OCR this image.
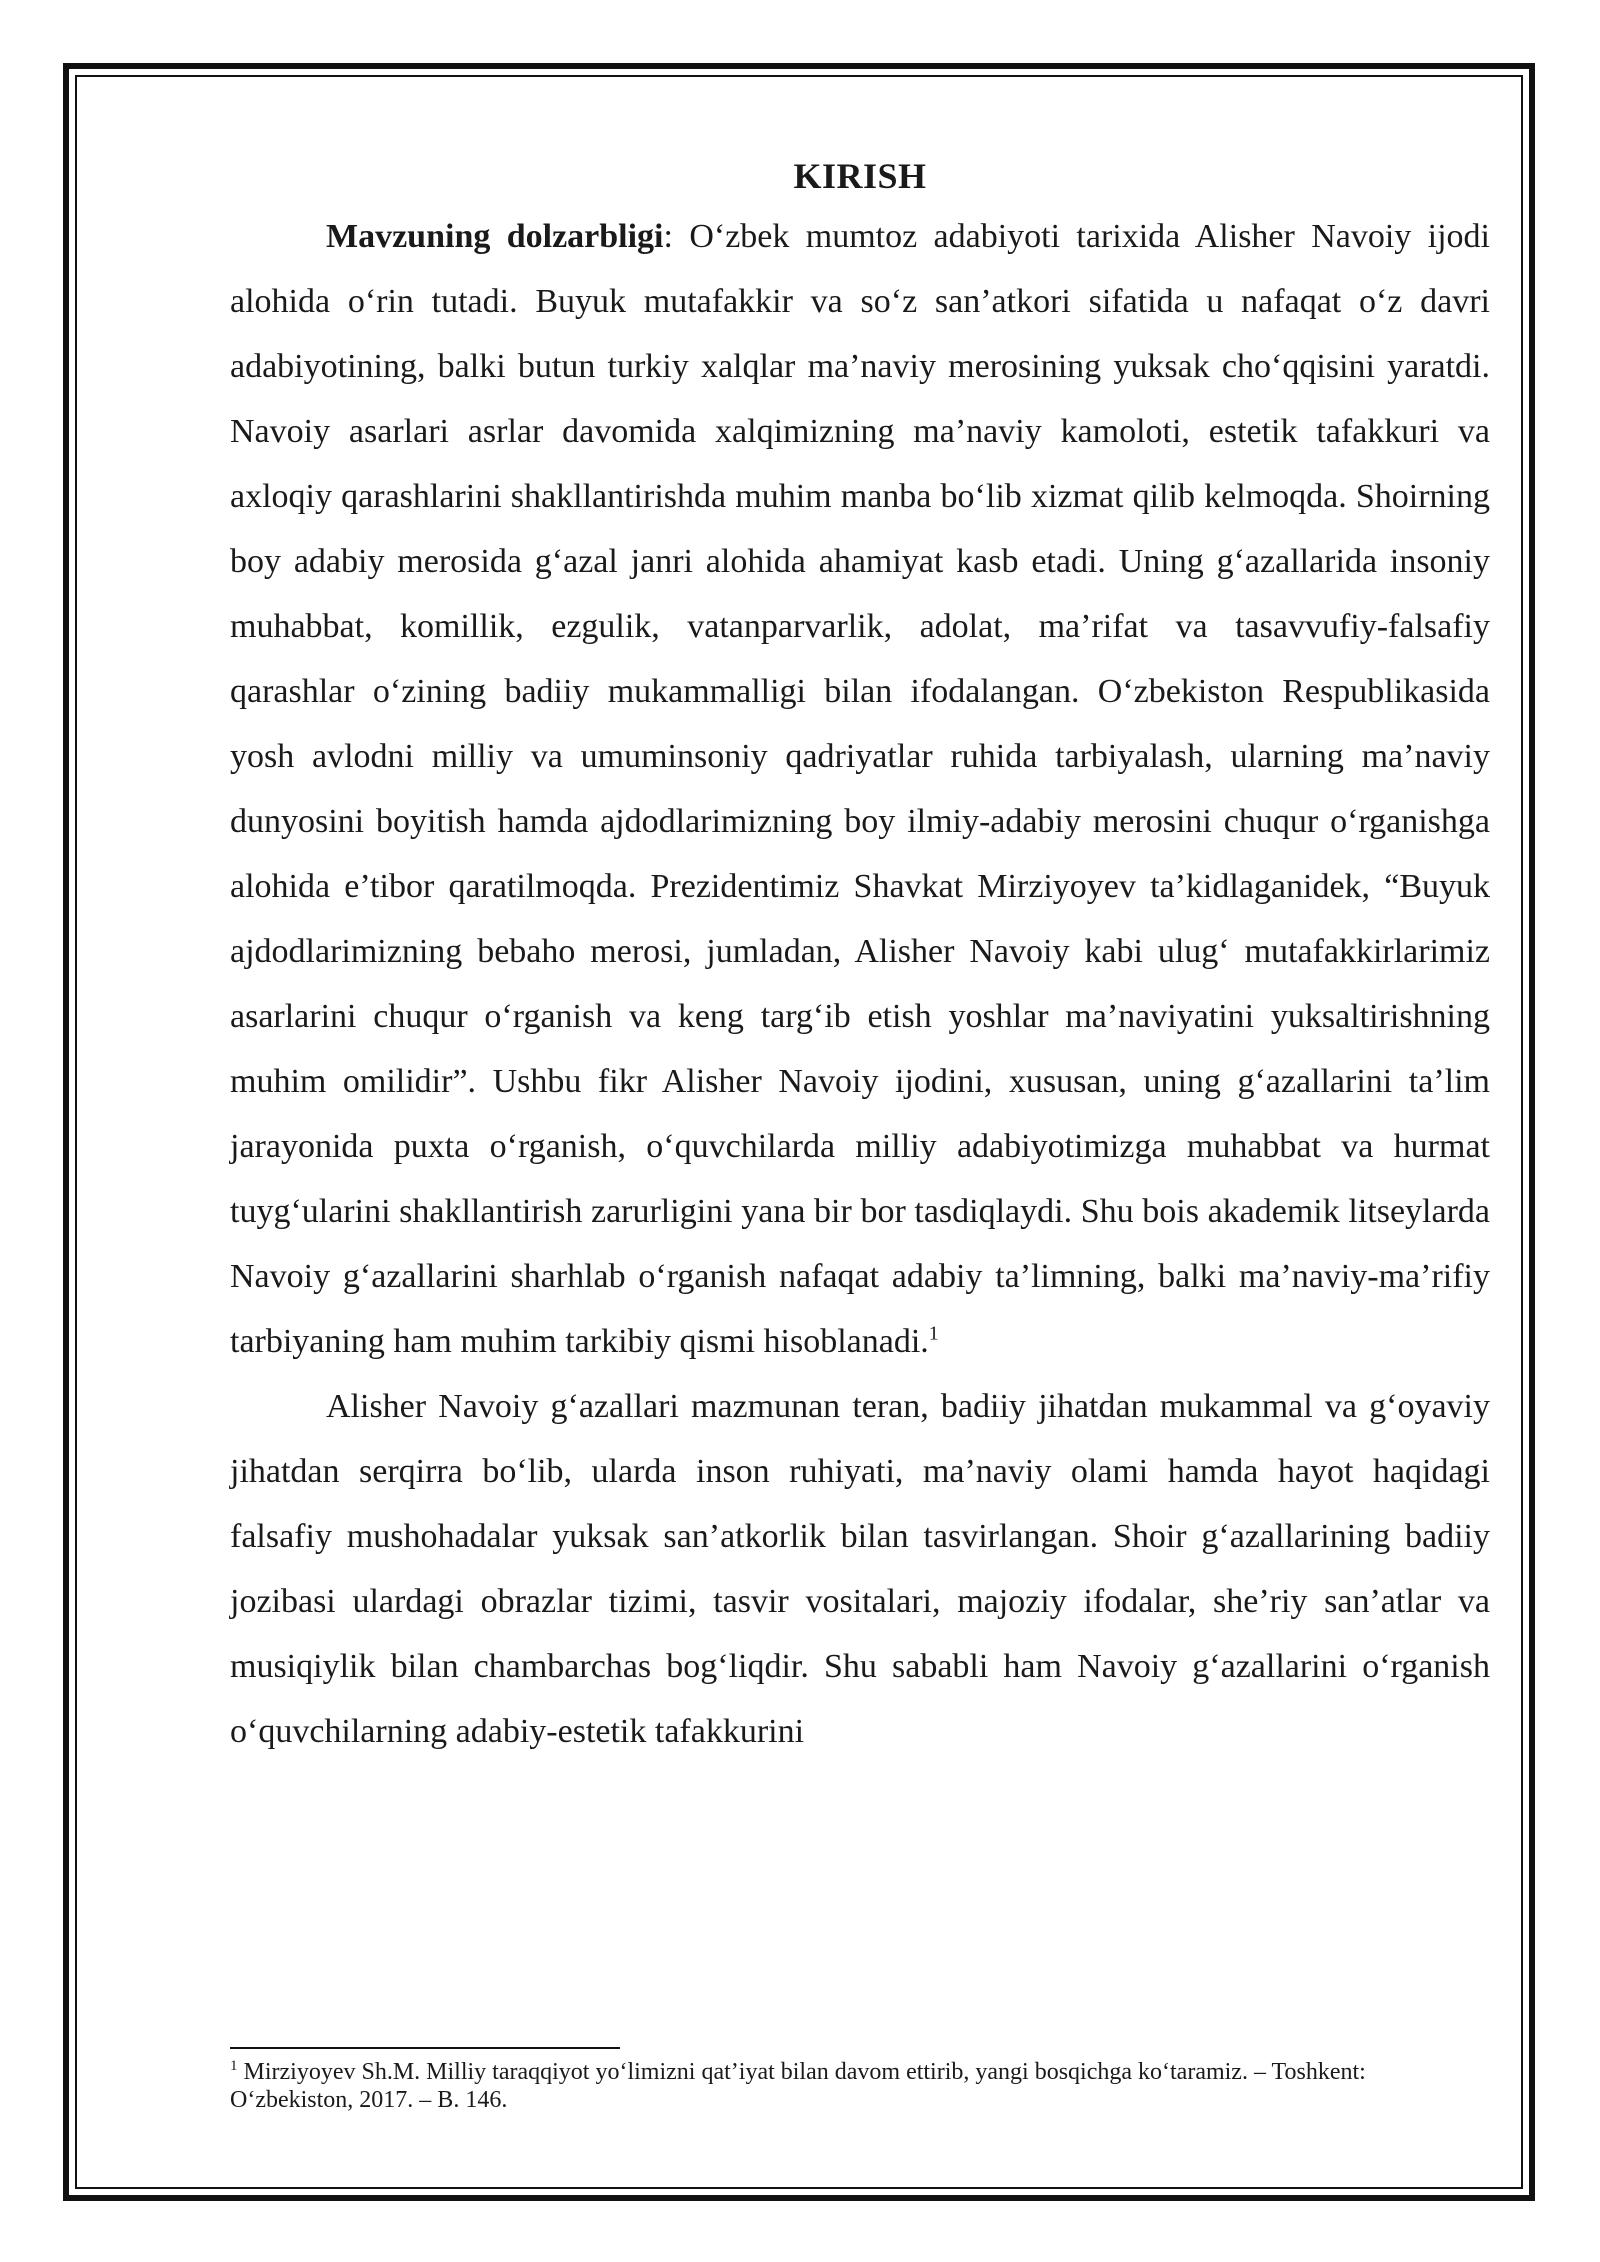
KIRISH

Mavzuning dolzarbligi: O‘zbek mumtoz adabiyoti tarixida Alisher Navoiy ijodi alohida o‘rin tutadi. Buyuk mutafakkir va so‘z san’atkori sifatida u nafaqat o‘z davri adabiyotining, balki butun turkiy xalqlar ma’naviy merosining yuksak cho‘qqisini yaratdi. Navoiy asarlari asrlar davomida xalqimizning ma’naviy kamoloti, estetik tafakkuri va axloqiy qarashlarini shakllantirishda muhim manba bo‘lib xizmat qilib kelmoqda. Shoirning boy adabiy merosida g‘azal janri alohida ahamiyat kasb etadi. Uning g‘azallarida insoniy muhabbat, komillik, ezgulik, vatanparvarlik, adolat, ma’rifat va tasavvufiy-falsafiy qarashlar o‘zining badiiy mukammalligi bilan ifodalangan. O‘zbekiston Respublikasida yosh avlodni milliy va umuminsoniy qadriyatlar ruhida tarbiyalash, ularning ma’naviy dunyosini boyitish hamda ajdodlarimizning boy ilmiy-adabiy merosini chuqur o‘rganishga alohida e’tibor qaratilmoqda. Prezidentimiz Shavkat Mirziyoyev ta’kidlaganidek, “Buyuk ajdodlarimizning bebaho merosi, jumladan, Alisher Navoiy kabi ulug‘ mutafakkirlarimiz asarlarini chuqur o‘rganish va keng targ‘ib etish yoshlar ma’naviyatini yuksaltirishning muhim omilidir”. Ushbu fikr Alisher Navoiy ijodini, xususan, uning g‘azallarini ta’lim jarayonida puxta o‘rganish, o‘quvchilarda milliy adabiyotimizga muhabbat va hurmat tuyg‘ularini shakllantirish zarurligini yana bir bor tasdiqlaydi. Shu bois akademik litseylarda Navoiy g‘azallarini sharhlab o‘rganish nafaqat adabiy ta’limning, balki ma’naviy-ma’rifiy tarbiyaning ham muhim tarkibiy qismi hisoblanadi.$^1$

Alisher Navoiy g‘azallari mazmunan teran, badiiy jihatdan mukammal va g‘oyaviy jihatdan serqirra bo‘lib, ularda inson ruhiyati, ma’naviy olami hamda hayot haqidagi falsafiy mushohadalar yuksak san’atkorlik bilan tasvirlangan. Shoir g‘azallarining badiiy jozibasi ulardagi obrazlar tizimi, tasvir vositalari, majoziy ifodalar, she’riy san’atlar va musiqiylik bilan chambarchas bog‘liqdir. Shu sababli ham Navoiy g‘azallarini o‘rganish o‘quvchilarning adabiy-estetik tafakkurini

$^1$ Mirziyoyev Sh.M. Milliy taraqqiyot yo‘limizni qat’iyat bilan davom ettirib, yangi bosqichga ko‘taramiz. – Toshkent: O‘zbekiston, 2017. – B. 146.
